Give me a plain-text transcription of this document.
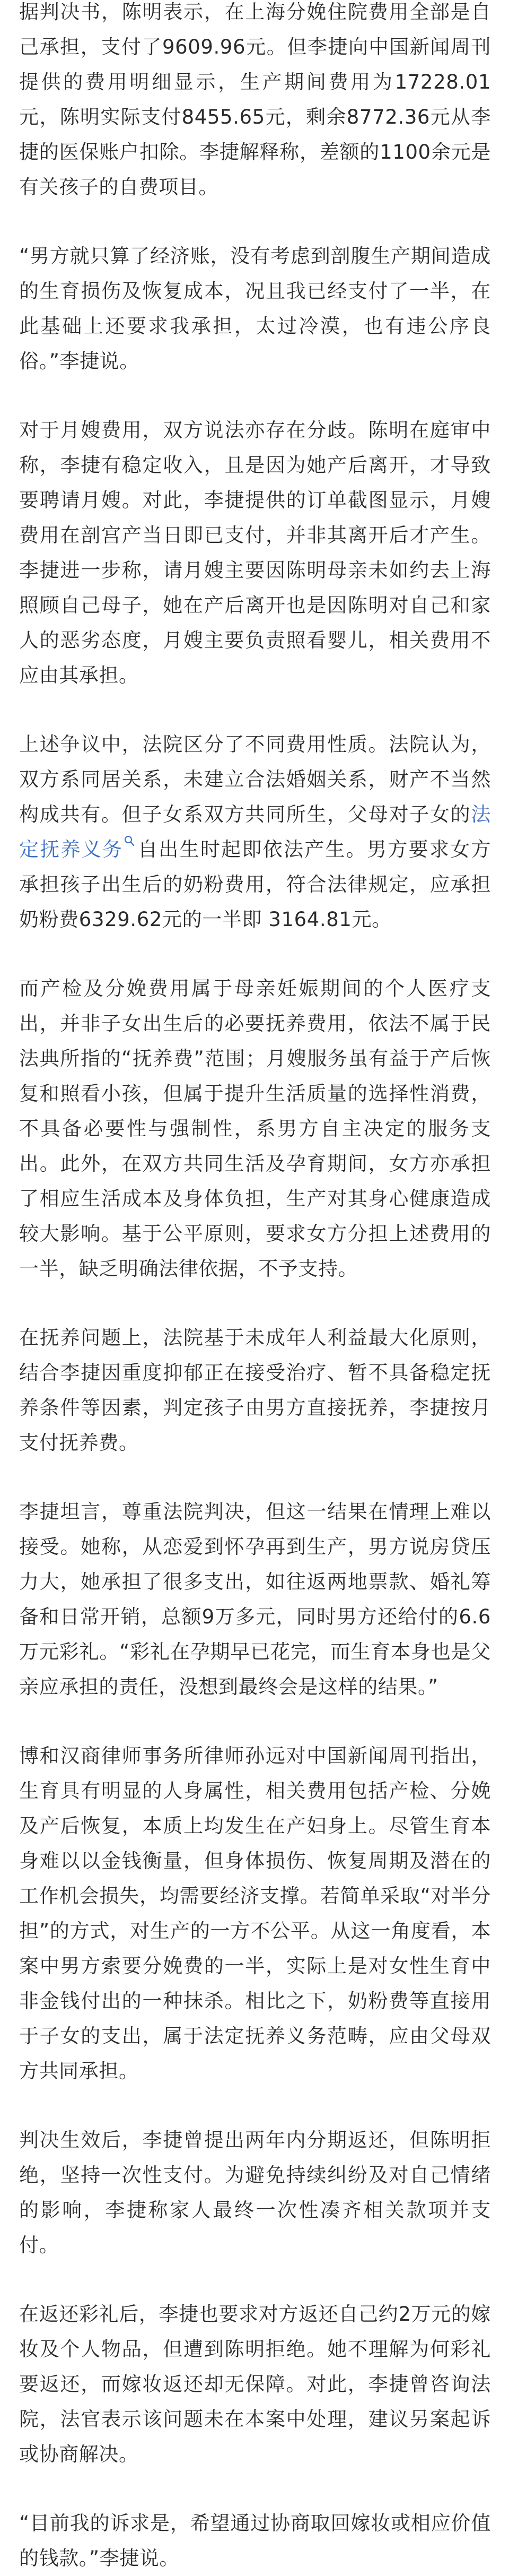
据判决书，陈明表示，在上海分娩住院费用全部是自己承担，支付了9609.96元。但李捷向中国新闻周刊提供的费用明细显示，生产期间费用为17228.01元，陈明实际支付8455.65元，剩余8772.36元从李捷的医保账户扣除。李捷解释称，差额的1100余元是有关孩子的自费项目。

“男方就只算了经济账，没有考虑到剖腹生产期间造成的生育损伤及恢复成本，况且我已经支付了一半，在此基础上还要求我承担，太过冷漠，也有违公序良俗。”李捷说。

对于月嫂费用，双方说法亦存在分歧。陈明在庭审中称，李捷有稳定收入，且是因为她产后离开，才导致要聘请月嫂。对此，李捷提供的订单截图显示，月嫂费用在剖宫产当日即已支付，并非其离开后才产生。李捷进一步称，请月嫂主要因陈明母亲未如约去上海照顾自己母子，她在产后离开也是因陈明对自己和家人的恶劣态度，月嫂主要负责照看婴儿，相关费用不应由其承担。

上述争议中，法院区分了不同费用性质。法院认为，双方系同居关系，未建立合法婚姻关系，财产不当然构成共有。但子女系双方共同所生，父母对子女的法定抚养义务 自出生时起即依法产生。男方要求女方承担孩子出生后的奶粉费用，符合法律规定，应承担奶粉费6329.62元的一半即 3164.81元。

而产检及分娩费用属于母亲妊娠期间的个人医疗支出，并非子女出生后的必要抚养费用，依法不属于民法典所指的“抚养费”范围；月嫂服务虽有益于产后恢复和照看小孩，但属于提升生活质量的选择性消费，不具备必要性与强制性，系男方自主决定的服务支出。此外，在双方共同生活及孕育期间，女方亦承担了相应生活成本及身体负担，生产对其身心健康造成较大影响。基于公平原则，要求女方分担上述费用的一半，缺乏明确法律依据，不予支持。

在抚养问题上，法院基于未成年人利益最大化原则，结合李捷因重度抑郁正在接受治疗、暂不具备稳定抚养条件等因素，判定孩子由男方直接抚养，李捷按月支付抚养费。

李捷坦言，尊重法院判决，但这一结果在情理上难以接受。她称，从恋爱到怀孕再到生产，男方说房贷压力大，她承担了很多支出，如往返两地票款、婚礼筹备和日常开销，总额9万多元，同时男方还给付的6.6万元彩礼。“彩礼在孕期早已花完，而生育本身也是父亲应承担的责任，没想到最终会是这样的结果。”

博和汉商律师事务所律师孙远对中国新闻周刊指出，生育具有明显的人身属性，相关费用包括产检、分娩及产后恢复，本质上均发生在产妇身上。尽管生育本身难以以金钱衡量，但身体损伤、恢复周期及潜在的工作机会损失，均需要经济支撑。若简单采取“对半分担”的方式，对生产的一方不公平。从这一角度看，本案中男方索要分娩费的一半，实际上是对女性生育中非金钱付出的一种抹杀。相比之下，奶粉费等直接用于子女的支出，属于法定抚养义务范畴，应由父母双方共同承担。

判决生效后，李捷曾提出两年内分期返还，但陈明拒绝，坚持一次性支付。为避免持续纠纷及对自己情绪的影响，李捷称家人最终一次性凑齐相关款项并支付。

在返还彩礼后，李捷也要求对方返还自己约2万元的嫁妆及个人物品，但遭到陈明拒绝。她不理解为何彩礼要返还，而嫁妆返还却无保障。对此，李捷曾咨询法院，法官表示该问题未在本案中处理，建议另案起诉或协商解决。

“目前我的诉求是，希望通过协商取回嫁妆或相应价值的钱款。”李捷说。
